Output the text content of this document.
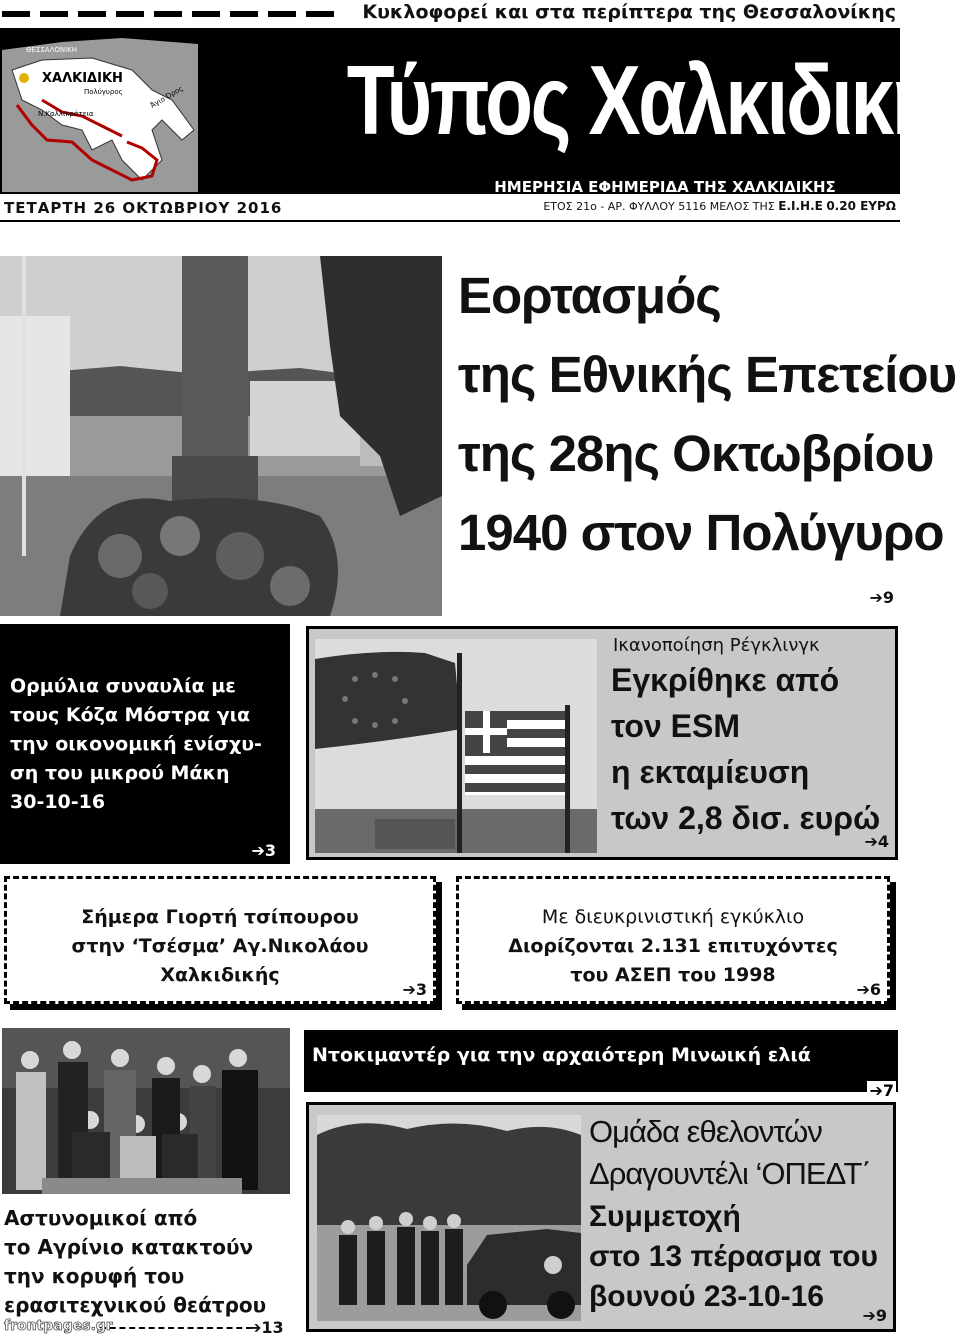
Κυκλοφορεί και στα περίπτερα της Θεσσαλονίκης
ΘΕΣΣΑΛΟΝΙΚΗ
ΧΑΛΚΙΔΙΚΗ
Πολύγυρος
Ν.Καλλικράτεια
Άγιο Όρος Τύπος Χαλκιδικής
ΗΜΕΡΗΣΙΑ ΕΦΗΜΕΡΙΔΑ ΤΗΣ ΧΑΛΚΙΔΙΚΗΣ
ΤΕΤΑΡΤΗ 26 ΟΚΤΩΒΡΙΟΥ 2016	ΕΤΟΣ 21ο - ΑΡ. ΦΥΛΛΟΥ 5116 ΜΕΛΟΣ ΤΗΣ Ε.Ι.Η.Ε 0.20 ΕΥΡΩ
Εορτασμός
της Εθνικής Επετείου
της 28ης Οκτωβρίου
1940 στον Πολύγυρο
➔9
Ορμύλια συναυλία με
τους Κόζα Μόστρα για
την οικονομική ενίσχυ-
ση του μικρού Μάκη
30-10-16
➔3
Ικανοποίηση Ρέγκλινγκ
Εγκρίθηκε από
τον ESM
η εκταμίευση
των 2,8 δισ. ευρώ
➔4
Σήμερα Γιορτή τσίπουρου
στην ‘Τσέσμα’ Αγ.Νικολάου
Χαλκιδικής
➔3
Με διευκρινιστική εγκύκλιο
Διορίζονται 2.131 επιτυχόντες
του ΑΣΕΠ του 1998
➔6
Αστυνομικοί από
το Αγρίνιο κατακτούν
την κορυφή του
ερασιτεχνικού θεάτρου
➔13
Ντοκιμαντέρ για την αρχαιότερη Μινωική ελιά
➔7
Ομάδα εθελοντών
Δραγουντέλι ‘ΟΠΕΔΤ΄
Συμμετοχή
στο 13 πέρασμα του
βουνού 23-10-16
➔9
frontpages.gr
